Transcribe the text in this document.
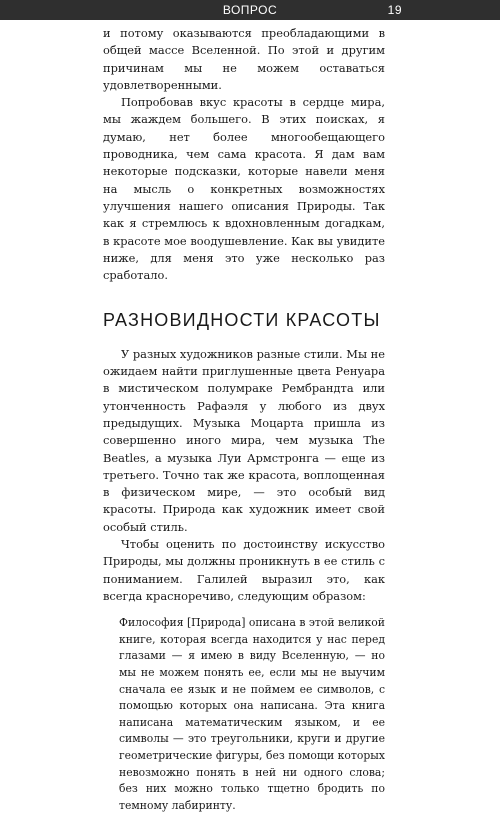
ВОПРОС	19

и потому оказываются преобладающими в общей массе Вселенной. По этой и другим причинам мы не можем оставаться удовлетворенными.

Попробовав вкус красоты в сердце мира, мы жаждем большего. В этих поисках, я думаю, нет более многообещающего проводника, чем сама красота. Я дам вам некоторые подсказки, которые навели меня на мысль о конкретных возможностях улучшения нашего описания Природы. Так как я стремлюсь к вдохновленным догадкам, в красоте мое воодушевление. Как вы увидите ниже, для меня это уже несколько раз сработало.

РАЗНОВИДНОСТИ КРАСОТЫ

У разных художников разные стили. Мы не ожидаем найти приглушенные цвета Ренуара в мистическом полумраке Рембрандта или утонченность Рафаэля у любого из двух предыдущих. Музыка Моцарта пришла из совершенно иного мира, чем музыка The Beatles, а музыка Луи Армстронга — еще из третьего. Точно так же красота, воплощенная в физическом мире, — это особый вид красоты. Природа как художник имеет свой особый стиль.

Чтобы оценить по достоинству искусство Природы, мы должны проникнуть в ее стиль с пониманием. Галилей выразил это, как всегда красноречиво, следующим образом:

Философия [Природа] описана в этой великой книге, которая всегда находится у нас перед глазами — я имею в виду Вселенную, — но мы не можем понять ее, если мы не выучим сначала ее язык и не поймем ее символов, с помощью которых она написана. Эта книга написана математическим языком, и ее символы — это треугольники, круги и другие геометрические фигуры, без помощи которых невозможно понять в ней ни одного слова; без них можно только тщетно бродить по темному лабиринту.
